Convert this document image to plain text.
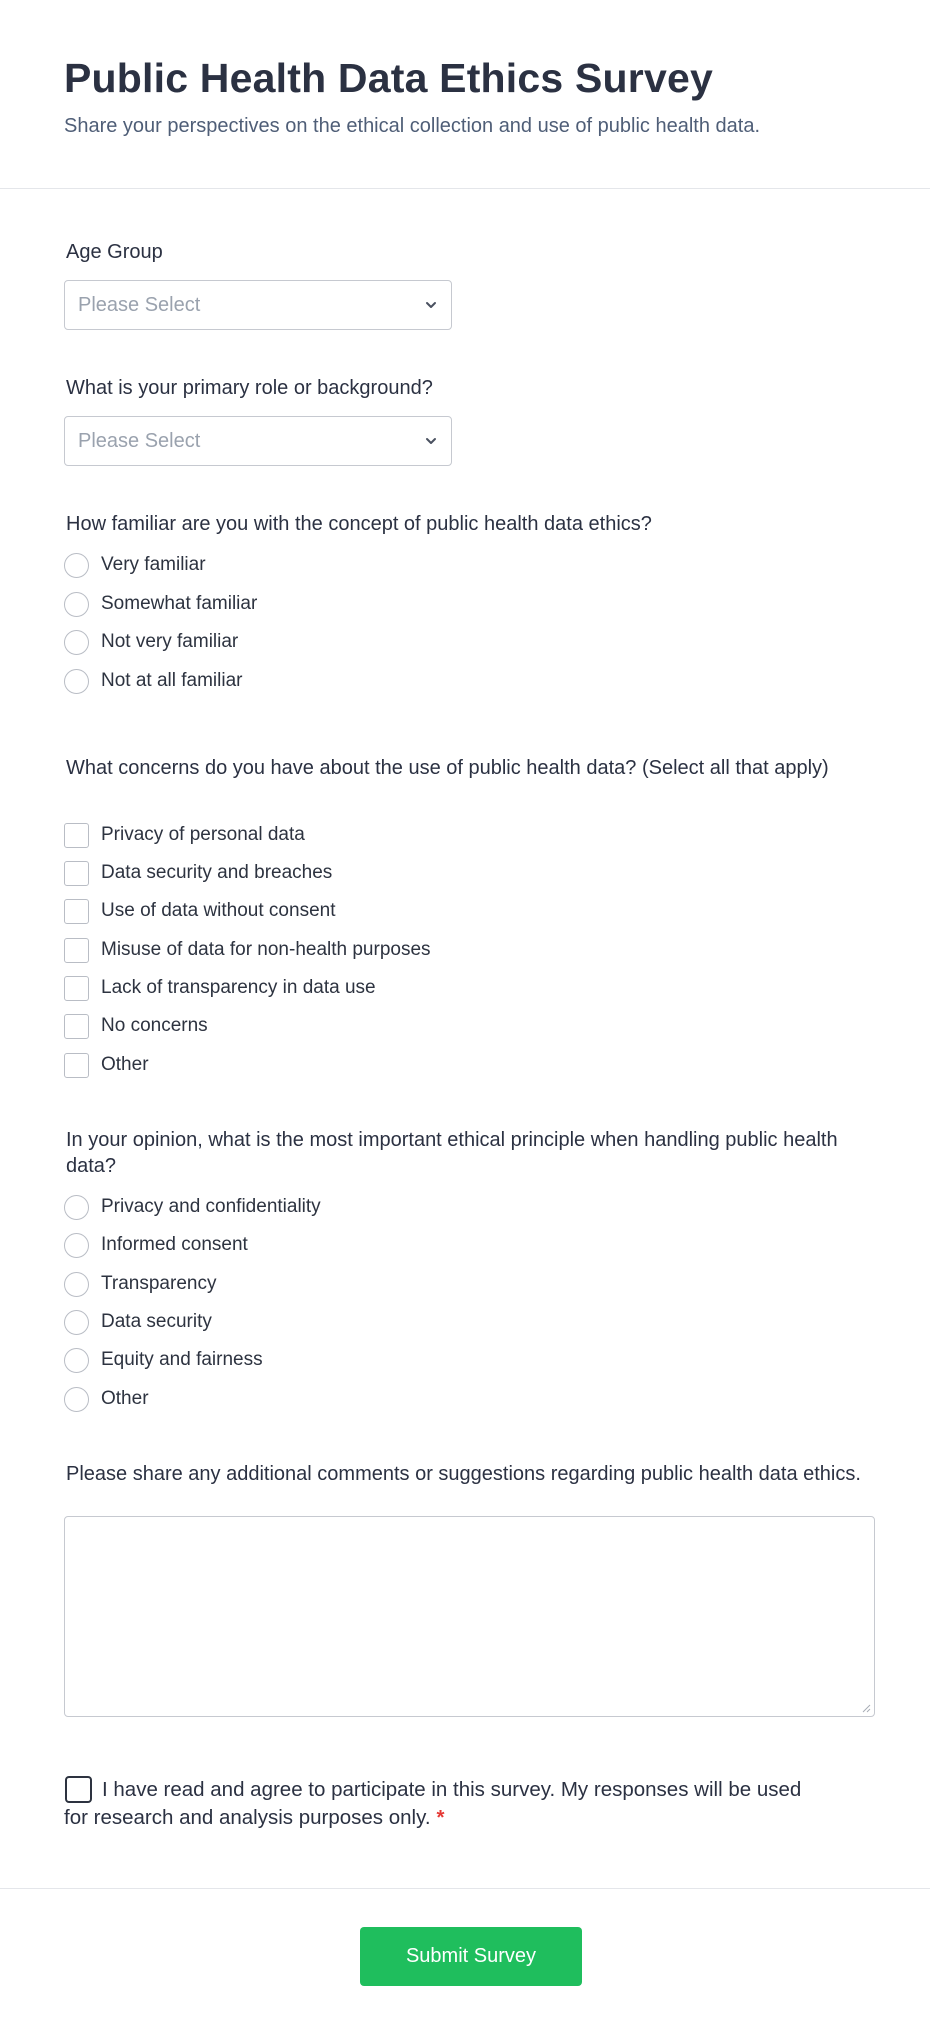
Public Health Data Ethics Survey
Share your perspectives on the ethical collection and use of public health data.
Age Group
Please Select
What is your primary role or background?
Please Select
How familiar are you with the concept of public health data ethics?
Very familiar
Somewhat familiar
Not very familiar
Not at all familiar
What concerns do you have about the use of public health data? (Select all that apply)
Privacy of personal data
Data security and breaches
Use of data without consent
Misuse of data for non-health purposes
Lack of transparency in data use
No concerns
Other
In your opinion, what is the most important ethical principle when handling public health data?
Privacy and confidentiality
Informed consent
Transparency
Data security
Equity and fairness
Other
Please share any additional comments or suggestions regarding public health data ethics.
I have read and agree to participate in this survey. My responses will be used for research and analysis purposes only. *
Submit Survey
